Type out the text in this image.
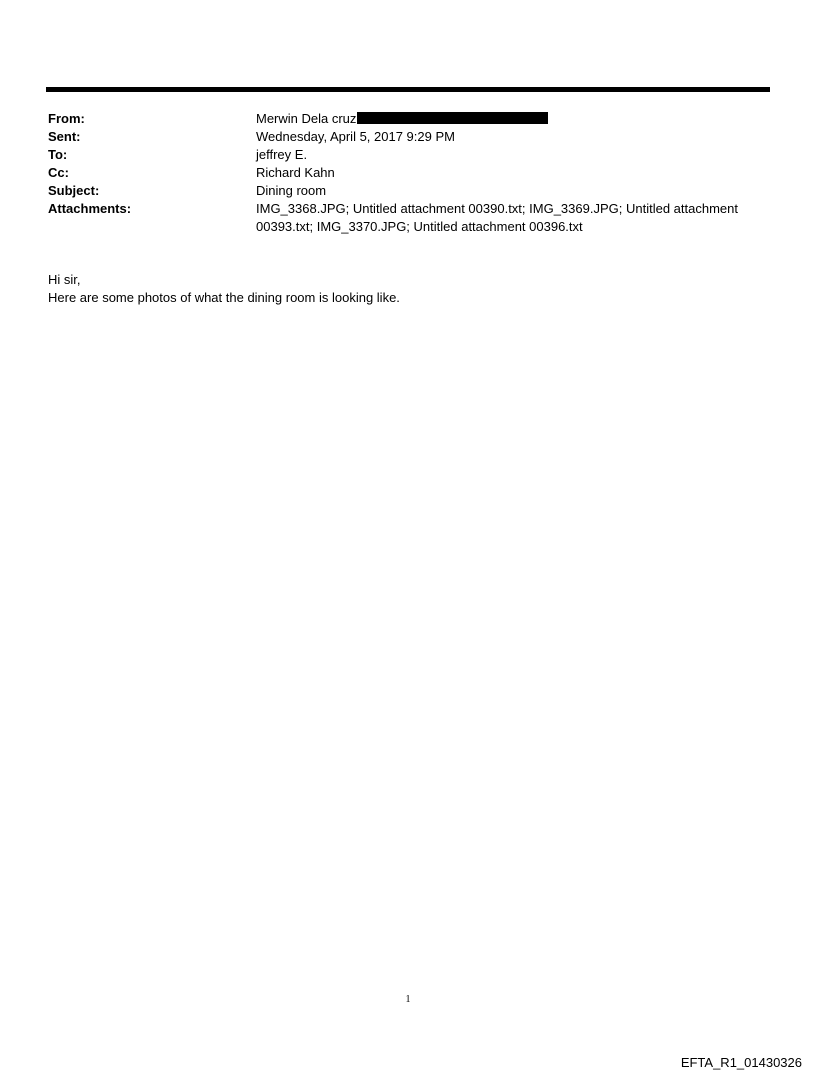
From:	Merwin Dela cruz
Sent:	Wednesday, April 5, 2017 9:29 PM
To:	jeffrey E.
Cc:	Richard Kahn
Subject:	Dining room
Attachments:	IMG_3368.JPG; Untitled attachment 00390.txt; IMG_3369.JPG; Untitled attachment 00393.txt; IMG_3370.JPG; Untitled attachment 00396.txt

Hi sir,

Here are some photos of what the dining room is looking like.

1
EFTA_R1_01430326
